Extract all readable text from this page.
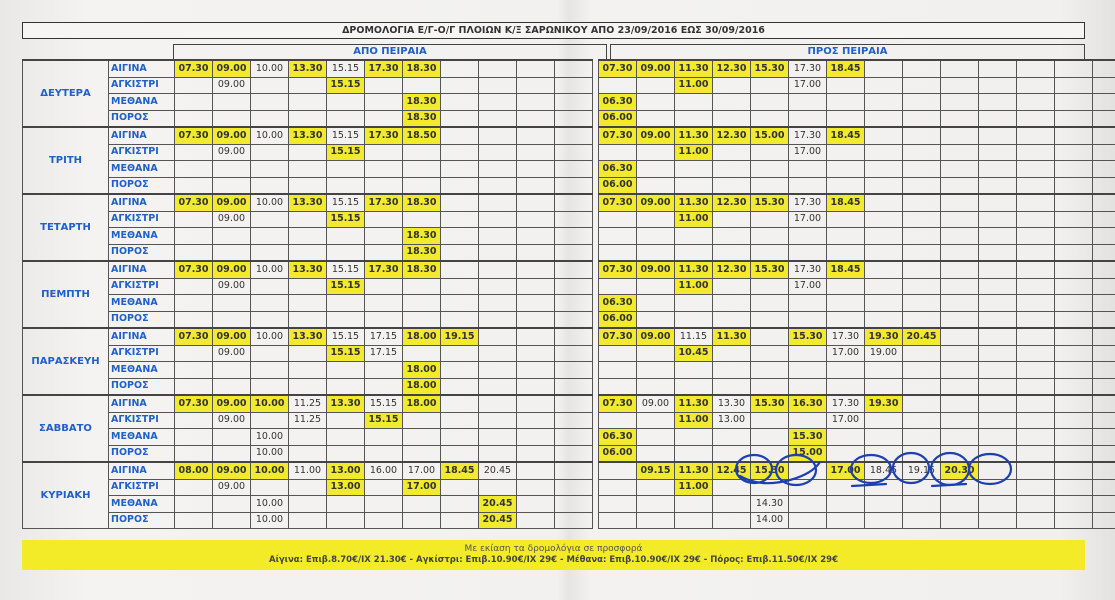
ΔΡΟΜΟΛΟΓΙΑ Ε/Γ-Ο/Γ ΠΛΟΙΩΝ Κ/Ξ ΣΑΡΩΝΙΚΟΥ ΑΠΟ 23/09/2016 ΕΩΣ 30/09/2016
ΑΠΟ ΠΕΙΡΑΙΑ	ΠΡΟΣ ΠΕΙΡΑΙΑ
ΔΕΥΤΕΡΑ	ΑΙΓΙΝΑ	07.30	09.00	10.00	13.30	15.15	17.30	18.30						07.30	09.00	11.30	12.30	15.30	17.30	18.45							
	ΑΓΚΙΣΤΡΙ		09.00			15.15										11.00			17.00								
	ΜΕΘΑΝΑ							18.30						06.30													
	ΠΟΡΟΣ							18.30						06.00													
ΤΡΙΤΗ	ΑΙΓΙΝΑ	07.30	09.00	10.00	13.30	15.15	17.30	18.50						07.30	09.00	11.30	12.30	15.00	17.30	18.45							
	ΑΓΚΙΣΤΡΙ		09.00			15.15										11.00			17.00								
	ΜΕΘΑΝΑ													06.30													
	ΠΟΡΟΣ													06.00													
ΤΕΤΑΡΤΗ	ΑΙΓΙΝΑ	07.30	09.00	10.00	13.30	15.15	17.30	18.30						07.30	09.00	11.30	12.30	15.30	17.30	18.45							
	ΑΓΚΙΣΤΡΙ		09.00			15.15										11.00			17.00								
	ΜΕΘΑΝΑ							18.30																			
	ΠΟΡΟΣ							18.30																			
ΠΕΜΠΤΗ	ΑΙΓΙΝΑ	07.30	09.00	10.00	13.30	15.15	17.30	18.30						07.30	09.00	11.30	12.30	15.30	17.30	18.45							
	ΑΓΚΙΣΤΡΙ		09.00			15.15										11.00			17.00								
	ΜΕΘΑΝΑ													06.30													
	ΠΟΡΟΣ													06.00													
ΠΑΡΑΣΚΕΥΗ	ΑΙΓΙΝΑ	07.30	09.00	10.00	13.30	15.15	17.15	18.00	19.15					07.30	09.00	11.15	11.30		15.30	17.30	19.30	20.45					
	ΑΓΚΙΣΤΡΙ		09.00			15.15	17.15									10.45				17.00	19.00						
	ΜΕΘΑΝΑ							18.00																			
	ΠΟΡΟΣ							18.00																			
ΣΑΒΒΑΤΟ	ΑΙΓΙΝΑ	07.30	09.00	10.00	11.25	13.30	15.15	18.00						07.30	09.00	11.30	13.30	15.30	16.30	17.30	19.30						
	ΑΓΚΙΣΤΡΙ		09.00		11.25		15.15									11.00	13.00			17.00							
	ΜΕΘΑΝΑ			10.00										06.30					15.30								
	ΠΟΡΟΣ			10.00										06.00					15.00								
ΚΥΡΙΑΚΗ	ΑΙΓΙΝΑ	08.00	09.00	10.00	11.00	13.00	16.00	17.00	18.45	20.45					09.15	11.30	12.45	15.30		17.00	18.45	19.15	20.30				
	ΑΓΚΙΣΤΡΙ		09.00			13.00		17.00								11.00											
	ΜΕΘΑΝΑ			10.00						20.45								14.30									
	ΠΟΡΟΣ			10.00						20.45								14.00									
Με εκίαση τα δρομολόγια σε προσφορά
Αίγινα: Επιβ.8.70€/ΙΧ 21.30€ - Αγκίστρι: Επιβ.10.90€/ΙΧ 29€ - Μέθανα: Επιβ.10.90€/ΙΧ 29€ - Πόρος: Επιβ.11.50€/ΙΧ 29€
